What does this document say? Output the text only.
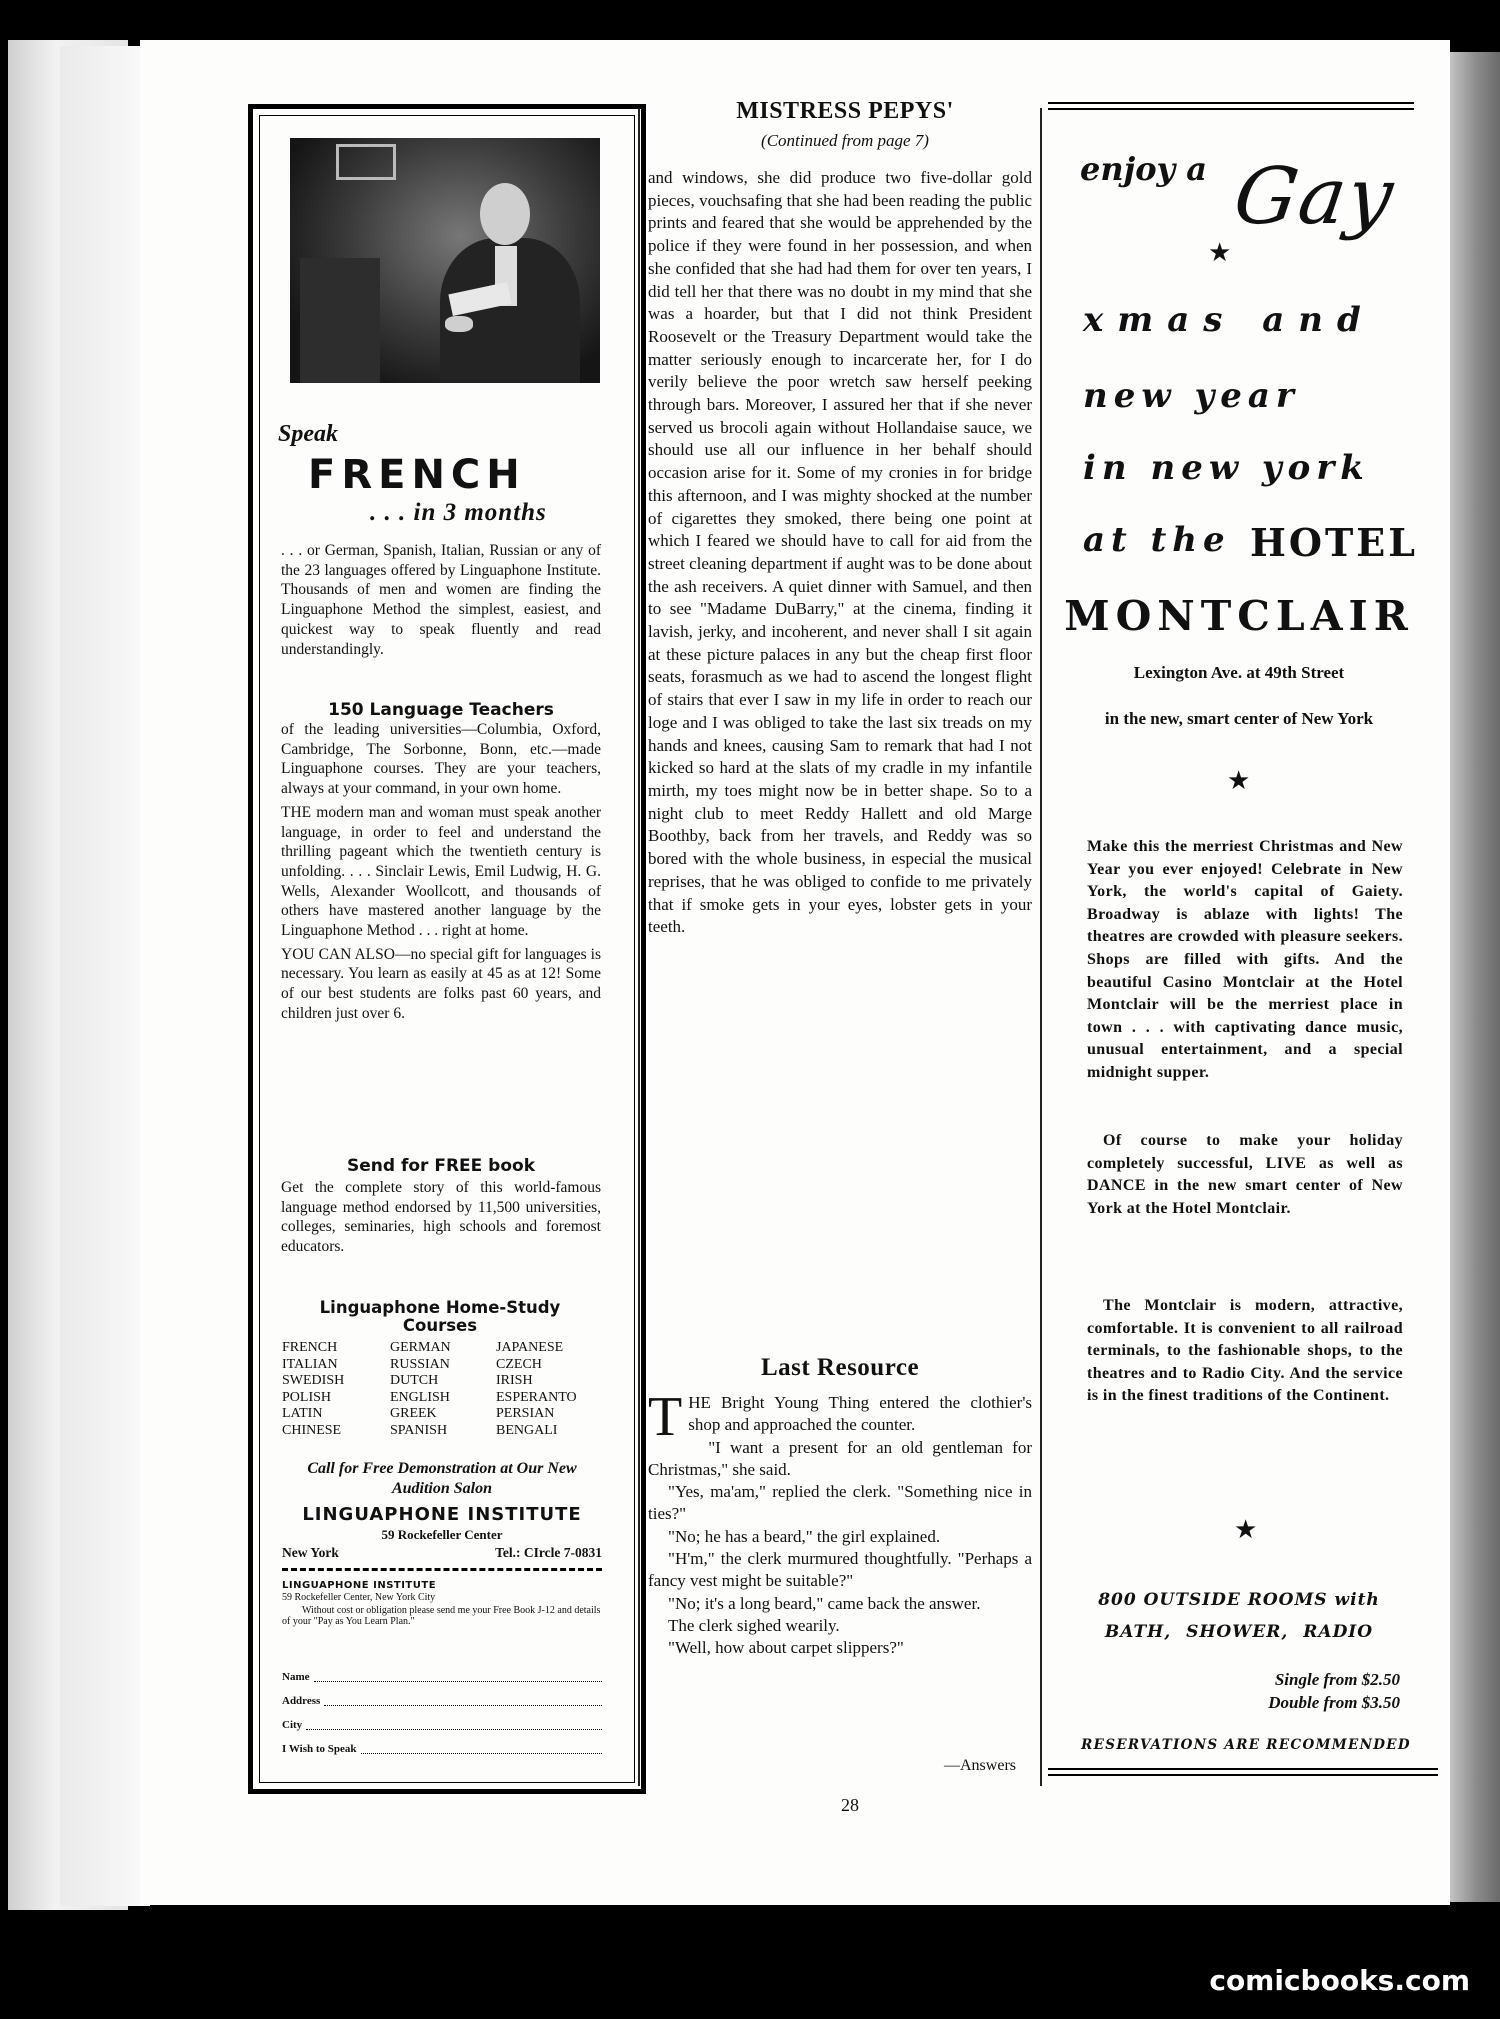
Speak
FRENCH
. . . in 3 months

. . . or German, Spanish, Italian, Russian or any of the 23 languages offered by Linguaphone Institute. Thousands of men and women are finding the Linguaphone Method the simplest, easiest, and quickest way to speak fluently and read understandingly.

150 Language Teachers

of the leading universities—Columbia, Oxford, Cambridge, The Sorbonne, Bonn, etc.—made Linguaphone courses. They are your teachers, always at your command, in your own home.

THE modern man and woman must speak another language, in order to feel and understand the thrilling pageant which the twentieth century is unfolding. . . . Sinclair Lewis, Emil Ludwig, H. G. Wells, Alexander Woollcott, and thousands of others have mastered another language by the Linguaphone Method . . . right at home.

YOU CAN ALSO—no special gift for languages is necessary. You learn as easily at 45 as at 12! Some of our best students are folks past 60 years, and children just over 6.

Send for FREE book

Get the complete story of this world-famous language method endorsed by 11,500 universities, colleges, seminaries, high schools and foremost educators.

Linguaphone Home-Study Courses
FRENCH	GERMAN	JAPANESE
ITALIAN	RUSSIAN	CZECH
SWEDISH	DUTCH	IRISH
POLISH	ENGLISH	ESPERANTO
LATIN	GREEK	PERSIAN
CHINESE	SPANISH	BENGALI
Call for Free Demonstration at Our New Audition Salon
LINGUAPHONE INSTITUTE
59 Rockefeller Center
New York	Tel.: CIrcle 7-0831
LINGUAPHONE INSTITUTE
59 Rockefeller Center, New York City
Without cost or obligation please send me your Free Book J-12 and details of your "Pay as You Learn Plan."
Name
Address
City
I Wish to Speak
MISTRESS PEPYS'
(Continued from page 7)

and windows, she did produce two five-dollar gold pieces, vouchsafing that she had been reading the public prints and feared that she would be apprehended by the police if they were found in her possession, and when she confided that she had had them for over ten years, I did tell her that there was no doubt in my mind that she was a hoarder, but that I did not think President Roosevelt or the Treasury Department would take the matter seriously enough to incarcerate her, for I do verily believe the poor wretch saw herself peeking through bars. Moreover, I assured her that if she never served us brocoli again without Hollandaise sauce, we should use all our influence in her behalf should occasion arise for it. Some of my cronies in for bridge this afternoon, and I was mighty shocked at the number of cigarettes they smoked, there being one point at which I feared we should have to call for aid from the street cleaning department if aught was to be done about the ash receivers. A quiet dinner with Samuel, and then to see "Madame DuBarry," at the cinema, finding it lavish, jerky, and incoherent, and never shall I sit again at these picture palaces in any but the cheap first floor seats, forasmuch as we had to ascend the longest flight of stairs that ever I saw in my life in order to reach our loge and I was obliged to take the last six treads on my hands and knees, causing Sam to remark that had I not kicked so hard at the slats of my cradle in my infantile mirth, my toes might now be in better shape. So to a night club to meet Reddy Hallett and old Marge Boothby, back from her travels, and Reddy was so bored with the whole business, in especial the musical reprises, that he was obliged to confide to me privately that if smoke gets in your eyes, lobster gets in your teeth.

Last Resource

THE Bright Young Thing entered the clothier's shop and approached the counter.

"I want a present for an old gentleman for Christmas," she said.

"Yes, ma'am," replied the clerk. "Something nice in ties?"

"No; he has a beard," the girl explained.

"H'm," the clerk murmured thoughtfully. "Perhaps a fancy vest might be suitable?"

"No; it's a long beard," came back the answer.

The clerk sighed wearily.

"Well, how about carpet slippers?"

—Answers
enjoy a
★
Gay
xmas and
new year
in new york
at the HOTEL
MONTCLAIR
Lexington Ave. at 49th Street
in the new, smart center of New York
★

Make this the merriest Christmas and New Year you ever enjoyed! Celebrate in New York, the world's capital of Gaiety. Broadway is ablaze with lights! The theatres are crowded with pleasure seekers. Shops are filled with gifts. And the beautiful Casino Montclair at the Hotel Montclair will be the merriest place in town . . . with captivating dance music, unusual entertainment, and a special midnight supper.

Of course to make your holiday completely successful, LIVE as well as DANCE in the new smart center of New York at the Hotel Montclair.

The Montclair is modern, attractive, comfortable. It is convenient to all railroad terminals, to the fashionable shops, to the theatres and to Radio City. And the service is in the finest traditions of the Continent.

★
800 OUTSIDE ROOMS with
BATH, SHOWER, RADIO
Single from $2.50
Double from $3.50
RESERVATIONS ARE RECOMMENDED
28
comicbooks.com
